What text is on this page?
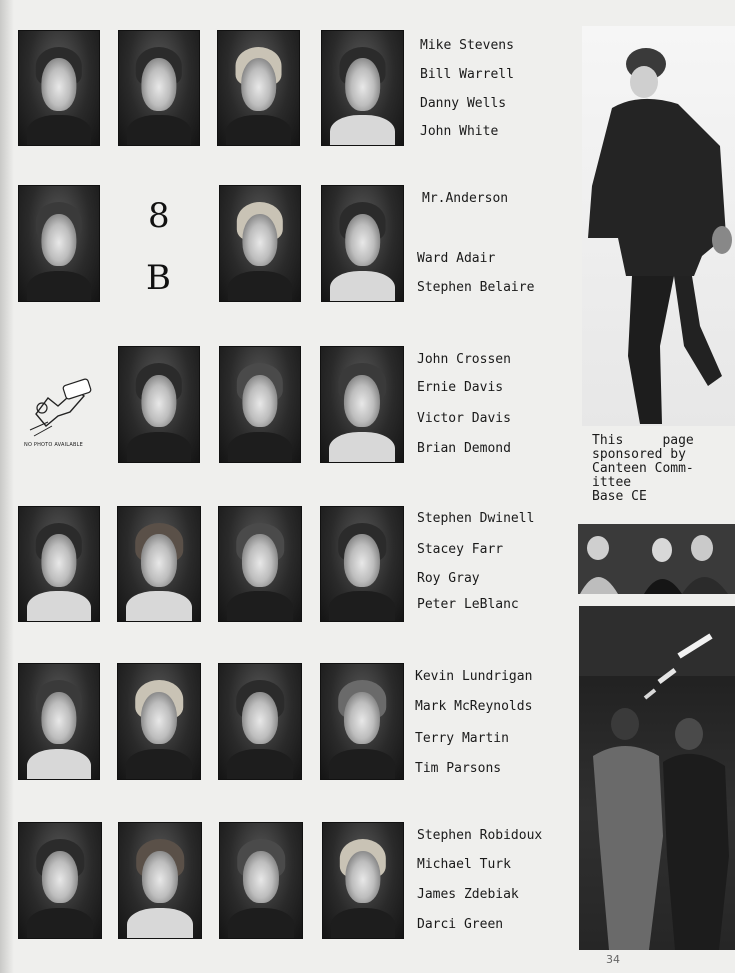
Mike Stevens
Bill Warrell
Danny Wells
John White
8
B
Mr.Anderson
Ward Adair
Stephen Belaire
NO PHOTO AVAILABLE
John Crossen
Ernie Davis
Victor Davis
Brian Demond
Stephen Dwinell
Stacey Farr
Roy Gray
Peter LeBlanc
Kevin Lundrigan
Mark McReynolds
Terry Martin
Tim Parsons
Stephen Robidoux
Michael Turk
James Zdebiak
Darci Green
This     page
sponsored by
Canteen Comm-
ittee
Base CE
34
